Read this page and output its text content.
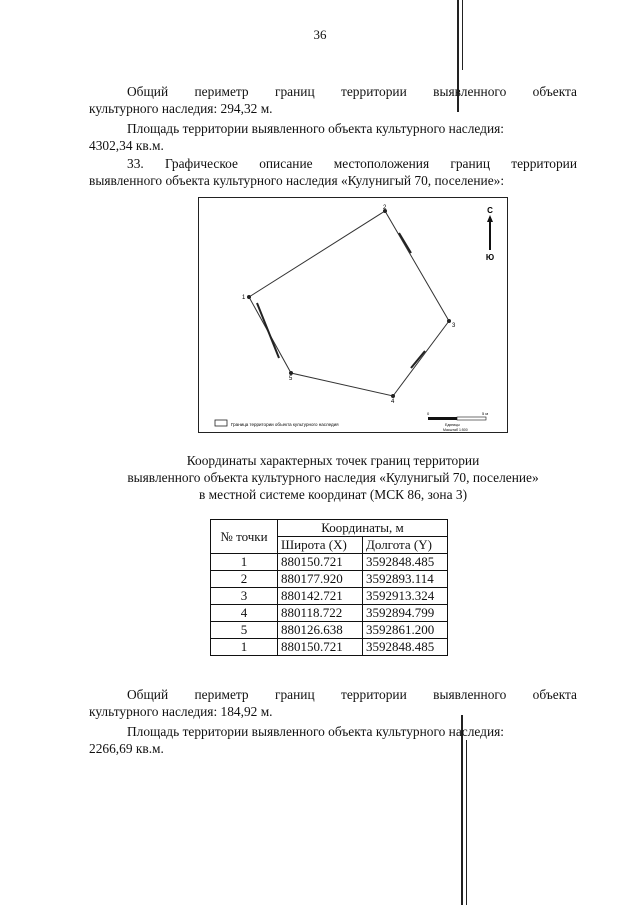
36
Общий периметр границ территории выявленного объекта
культурного наследия: 294,32 м.
Площадь территории выявленного объекта культурного наследия:
4302,34 кв.м.
33. Графическое описание местоположения границ территории
выявленного объекта культурного наследия «Кулунигый 70, поселение»:
1
2
3
4
5
С
Ю
Граница территории объекта культурного наследия
0	5 м
Единицы
Масштаб 1:500
Координаты характерных точек границ территории
выявленного объекта культурного наследия «Кулунигый 70, поселение»
в местной системе координат (МСК 86, зона 3)
№ точки	Координаты, м	
	Широта (X)	Долгота (Y)
1	880150.721	3592848.485
2	880177.920	3592893.114
3	880142.721	3592913.324
4	880118.722	3592894.799
5	880126.638	3592861.200
1	880150.721	3592848.485
Общий периметр границ территории выявленного объекта
культурного наследия: 184,92 м.
Площадь территории выявленного объекта культурного наследия:
2266,69 кв.м.
